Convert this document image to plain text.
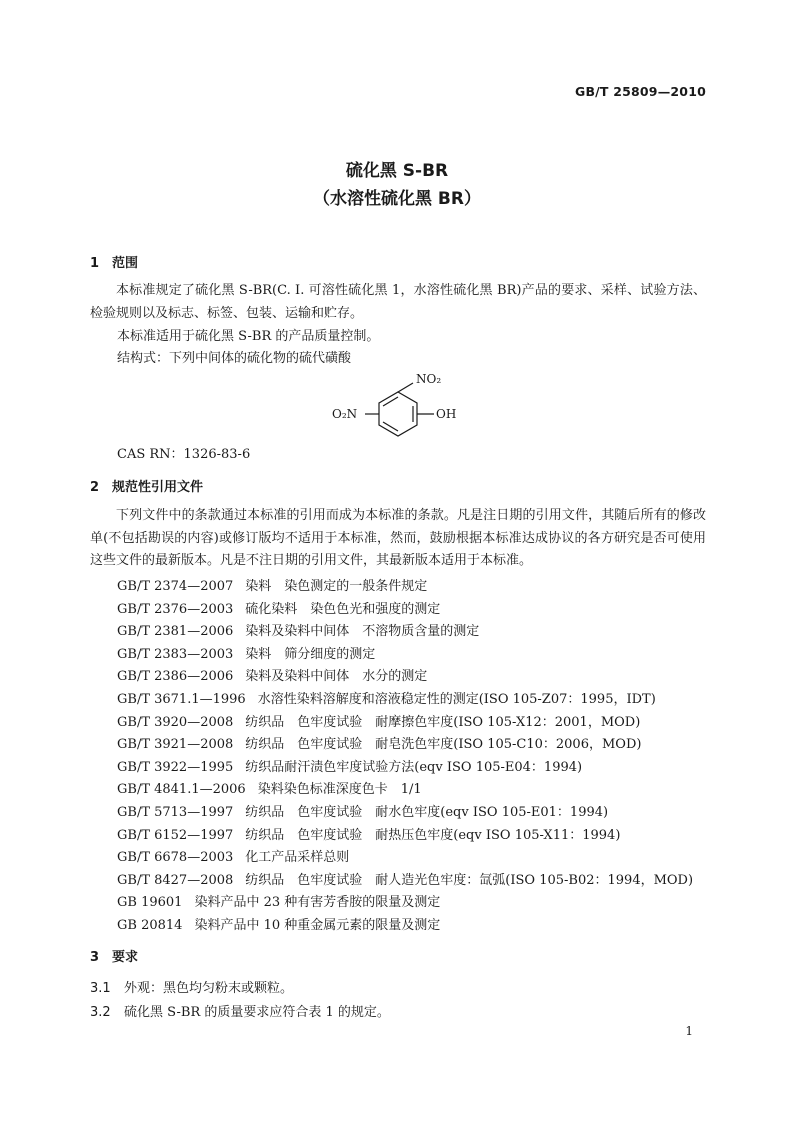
GB/T 25809—2010
硫化黑 S-BR
（水溶性硫化黑 BR）
1 范围
本标准规定了硫化黑 S-BR(C. I. 可溶性硫化黑 1，水溶性硫化黑 BR)产品的要求、采样、试验方法、检验规则以及标志、标签、包装、运输和贮存。
本标准适用于硫化黑 S-BR 的产品质量控制。
结构式：下列中间体的硫化物的硫代磺酸
NO₂
OH
O₂N
CAS RN：1326-83-6
2 规范性引用文件
下列文件中的条款通过本标准的引用而成为本标准的条款。凡是注日期的引用文件，其随后所有的修改单(不包括勘误的内容)或修订版均不适用于本标准，然而，鼓励根据本标准达成协议的各方研究是否可使用这些文件的最新版本。凡是不注日期的引用文件，其最新版本适用于本标准。
GB/T 2374—2007 染料　染色测定的一般条件规定
GB/T 2376—2003 硫化染料　染色色光和强度的测定
GB/T 2381—2006 染料及染料中间体　不溶物质含量的测定
GB/T 2383—2003 染料　筛分细度的测定
GB/T 2386—2006 染料及染料中间体　水分的测定
GB/T 3671.1—1996 水溶性染料溶解度和溶液稳定性的测定(ISO 105-Z07：1995，IDT)
GB/T 3920—2008 纺织品　色牢度试验　耐摩擦色牢度(ISO 105-X12：2001，MOD)
GB/T 3921—2008 纺织品　色牢度试验　耐皂洗色牢度(ISO 105-C10：2006，MOD)
GB/T 3922—1995 纺织品耐汗渍色牢度试验方法(eqv ISO 105-E04：1994)
GB/T 4841.1—2006 染料染色标准深度色卡　1/1
GB/T 5713—1997 纺织品　色牢度试验　耐水色牢度(eqv ISO 105-E01：1994)
GB/T 6152—1997 纺织品　色牢度试验　耐热压色牢度(eqv ISO 105-X11：1994)
GB/T 6678—2003 化工产品采样总则
GB/T 8427—2008 纺织品　色牢度试验　耐人造光色牢度：氙弧(ISO 105-B02：1994，MOD)
GB 19601 染料产品中 23 种有害芳香胺的限量及测定
GB 20814 染料产品中 10 种重金属元素的限量及测定
3 要求
3.1 外观：黑色均匀粉末或颗粒。
3.2 硫化黑 S-BR 的质量要求应符合表 1 的规定。
1
